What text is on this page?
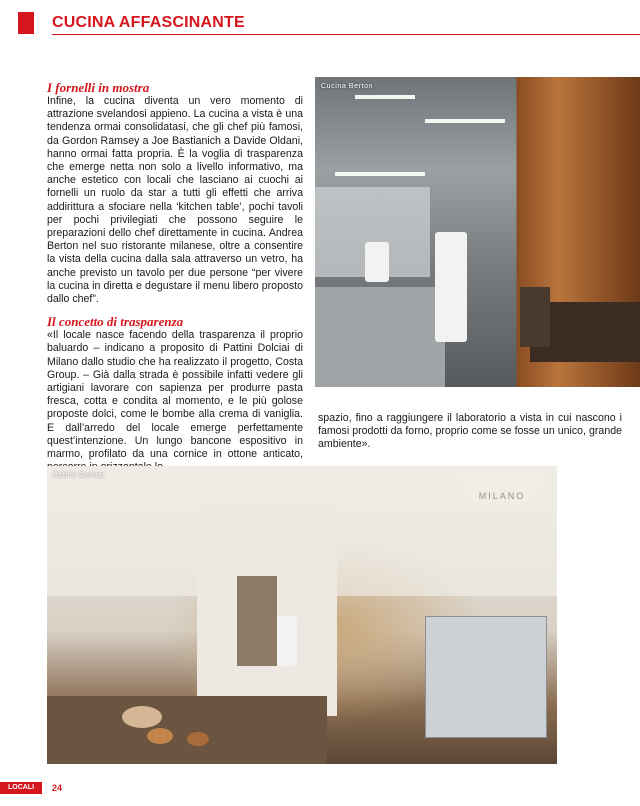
CUCINA AFFASCINANTE
I fornelli in mostra

Infine, la cucina diventa un vero momento di attrazione svelandosi appieno. La cucina a vista è una tendenza ormai consolidatasi, che gli chef più famosi, da Gordon Ramsey a Joe Bastianich a Davide Oldani, hanno ormai fatta propria. È la voglia di trasparenza che emerge nettа non solo a livello informativo, ma anche estetico con locali che lasciano ai cuochi ai fornelli un ruolo da star a tutti gli effetti che arriva addirittura a sfociare nella ‘kitchen table’, pochi tavoli per pochi privilegiati che possono seguire le preparazioni dello chef direttamente in cucina. Andrea Berton nel suo ristorante milanese, oltre a consentire la vista della cucina dalla sala attraverso un vetro, ha anche previsto un tavolo per due persone “per vivere la cucina in diretta e degustare il menu libero proposto dallo chef”.

Il concetto di trasparenza

«Il locale nasce facendo della trasparenza il proprio baluardo – indicano a proposito di Pattini Dolciai di Milano dallo studio che ha realizzato il progetto, Costa Group. – Già dalla strada è possibile infatti vedere gli artigiani lavorare con sapienza per produrre pasta fresca, cotta e condita al momento, e le più golose proposte dolci, come le bombe alla crema di vaniglia. E dall’arredo del locale emerge perfettamente quest’intenzione. Un lungo bancone espositivo in marmo, profilato da una cornice in ottone anticato,

spazio, fino a raggiungere il laboratorio a vista in cui nascono i famosi prodotti da forno, proprio come se fosse un unico, grande ambiente».

Cucina Berton
MILANO
Pattini Dolciai
LOCALI TOP
24
